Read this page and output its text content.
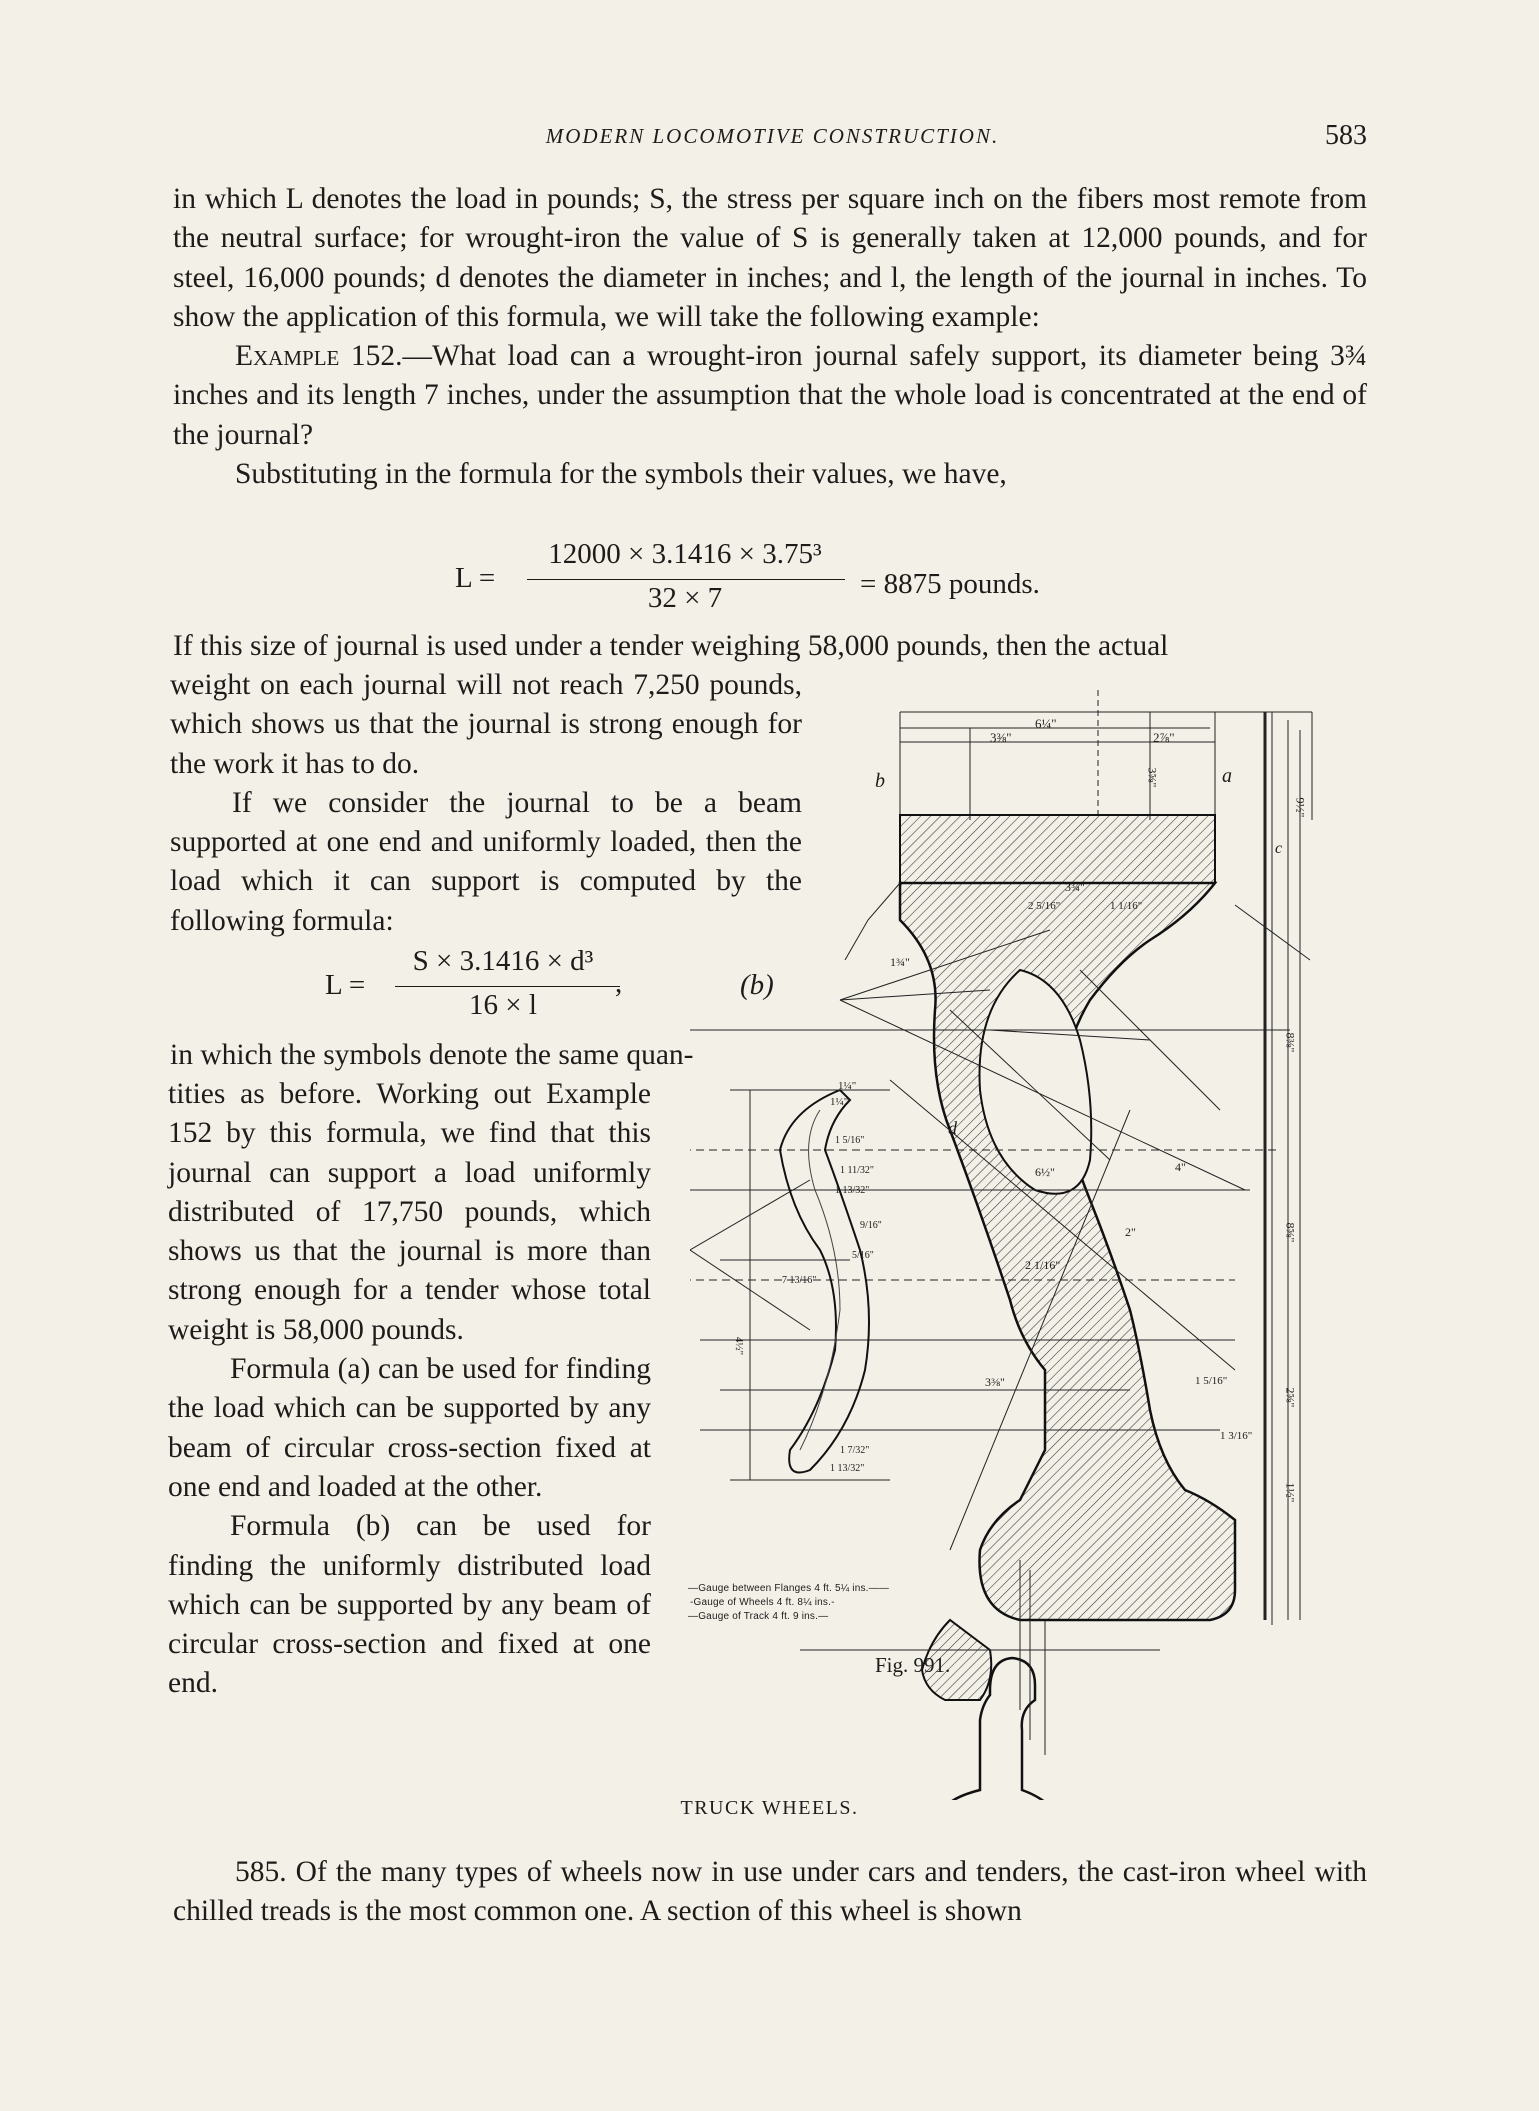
MODERN LOCOMOTIVE CONSTRUCTION.	583

in which L denotes the load in pounds; S, the stress per square inch on the fibers most remote from the neutral surface; for wrought-iron the value of S is generally taken at 12,000 pounds, and for steel, 16,000 pounds; d denotes the diameter in inches; and l, the length of the journal in inches. To show the application of this formula, we will take the following example:

Example 152.—What load can a wrought-iron journal safely support, its diameter being 3¾ inches and its length 7 inches, under the assumption that the whole load is concentrated at the end of the journal?

Substituting in the formula for the symbols their values, we have,

L =
12000 × 3.1416 × 3.75³
32 × 7	= 8875 pounds.

If this size of journal is used under a tender weighing 58,000 pounds, then the actual

weight on each journal will not reach 7,250 pounds, which shows us that the journal is strong enough for the work it has to do.

If we consider the journal to be a beam supported at one end and uniformly loaded, then the load which it can support is computed by the following formula:

L =
S × 3.1416 × d³
16 × l
,	(b)

in which the symbols denote the same quan-

tities as before. Working out Example 152 by this formula, we find that this journal can support a load uniformly distributed of 17,750 pounds, which shows us that the journal is more than strong enough for a tender whose total weight is 58,000 pounds.

Formula (a) can be used for finding the load which can be supported by any beam of circular cross-section fixed at one end and loaded at the other.

Formula (b) can be used for finding the uniformly distributed load which can be supported by any beam of circular cross-section and fixed at one end.

b	a
c
d
6¼"
3⅜"	2⅞"
3⅝"
3¾"
2 5/16"	1 1/16"
1¾"
6½"	4"
2"
2 1/16"
3⅜"	1 5/16"
1 3/16"
9½"
8⅜"
8⅝"
2⅝"
1½"
1¼"
1¼"
1 5/16"
1 11/32"
1 13/32"
7 13/16"
4½"
1 7/32"
1 13/32"
5/16"
9/16"
—Gauge between Flanges 4 ft. 5¼ ins.——
-Gauge of Wheels 4 ft. 8¼ ins.-
—Gauge of Track 4 ft. 9 ins.—
Fig. 991.
TRUCK WHEELS.

585. Of the many types of wheels now in use under cars and tenders, the cast-iron wheel with chilled treads is the most common one. A section of this wheel is shown
